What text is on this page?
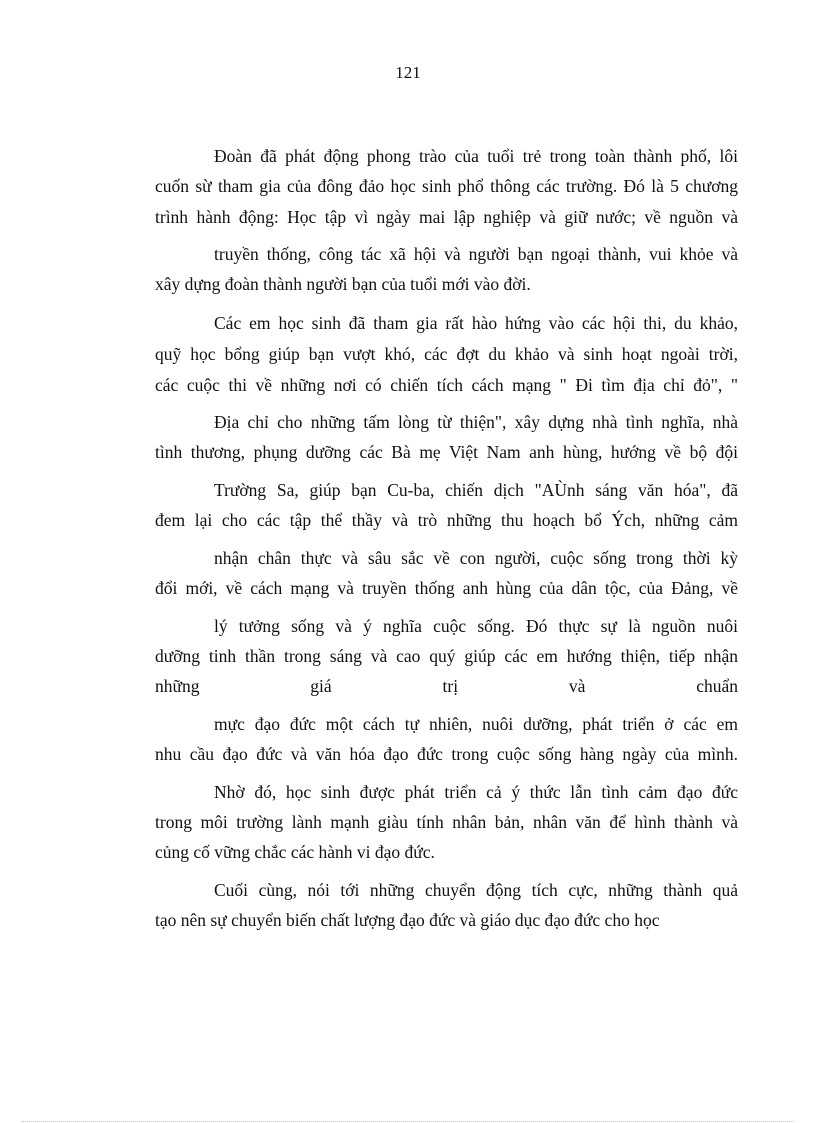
121
Đoàn đã phát động phong trào của tuổi trẻ trong toàn thành phố, lôi
cuốn sừ tham gia của đông đảo học sinh phổ thông các trường. Đó là 5 chương
trình hành động: Học tập vì ngày mai lập nghiệp và giữ nước; về nguồn và
truyền thống, công tác xã hội và người bạn ngoại thành, vui khỏe và
xây dựng đoàn thành người bạn của tuổi mới vào đời.
Các em học sinh đã tham gia rất hào hứng vào các hội thi, du khảo,
quỹ học bổng giúp bạn vượt khó, các đợt du khảo và sinh hoạt ngoài trời,
các cuộc thi về những nơi có chiến tích cách mạng " Đi tìm địa chỉ đỏ", "
Địa chỉ cho những tấm lòng từ thiện", xây dựng nhà tình nghĩa, nhà
tình thương, phụng dưỡng các Bà mẹ Việt Nam anh hùng, hướng về bộ đội
Trường Sa, giúp bạn Cu-ba, chiến dịch "AÙnh sáng văn hóa", đã
đem lại cho các tập thể thầy và trò những thu hoạch bổ Ých, những cảm
nhận chân thực và sâu sắc về con người, cuộc sống trong thời kỳ
đổi mới, về cách mạng và truyền thống anh hùng của dân tộc, của Đảng, về
lý tưởng sống và ý nghĩa cuộc sống. Đó thực sự là nguồn nuôi
dưỡng tinh thần trong sáng và cao quý giúp các em hướng thiện, tiếp nhận
những giá trị và chuẩn
mực đạo đức một cách tự nhiên, nuôi dưỡng, phát triển ở các em
nhu cầu đạo đức và văn hóa đạo đức trong cuộc sống hàng ngày của mình.
Nhờ đó, học sinh được phát triển cả ý thức lẫn tình cảm đạo đức
trong môi trường lành mạnh giàu tính nhân bản, nhân văn để hình thành và
củng cố vững chắc các hành vi đạo đức.
Cuối cùng, nói tới những chuyển động tích cực, những thành quả
tạo nên sự chuyển biến chất lượng đạo đức và giáo dục đạo đức cho học
